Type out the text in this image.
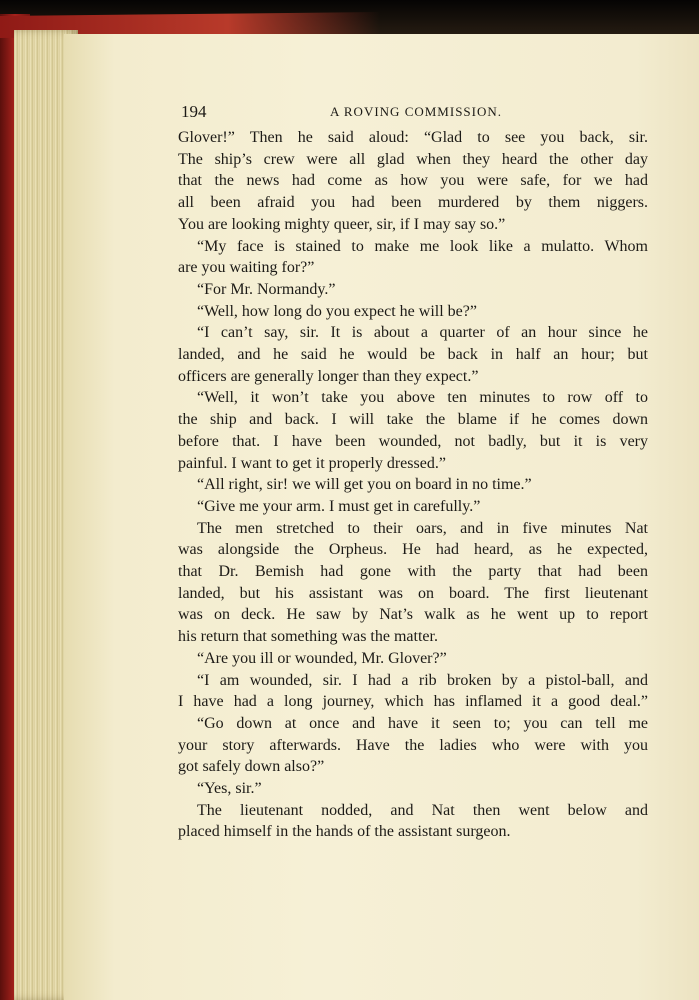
194	A ROVING COMMISSION.
Glover!” Then he said aloud: “Glad to see you back, sir.
The ship’s crew were all glad when they heard the other day
that the news had come as how you were safe, for we had
all been afraid you had been murdered by them niggers.
You are looking mighty queer, sir, if I may say so.”
“My face is stained to make me look like a mulatto. Whom
are you waiting for?”
“For Mr. Normandy.”
“Well, how long do you expect he will be?”
“I can’t say, sir. It is about a quarter of an hour since he
landed, and he said he would be back in half an hour; but
officers are generally longer than they expect.”
“Well, it won’t take you above ten minutes to row off to
the ship and back. I will take the blame if he comes down
before that. I have been wounded, not badly, but it is very
painful. I want to get it properly dressed.”
“All right, sir! we will get you on board in no time.”
“Give me your arm. I must get in carefully.”
The men stretched to their oars, and in five minutes Nat
was alongside the Orpheus. He had heard, as he expected,
that Dr. Bemish had gone with the party that had been
landed, but his assistant was on board. The first lieutenant
was on deck. He saw by Nat’s walk as he went up to report
his return that something was the matter.
“Are you ill or wounded, Mr. Glover?”
“I am wounded, sir. I had a rib broken by a pistol-ball, and
I have had a long journey, which has inflamed it a good deal.”
“Go down at once and have it seen to; you can tell me
your story afterwards. Have the ladies who were with you
got safely down also?”
“Yes, sir.”
The lieutenant nodded, and Nat then went below and
placed himself in the hands of the assistant surgeon.
